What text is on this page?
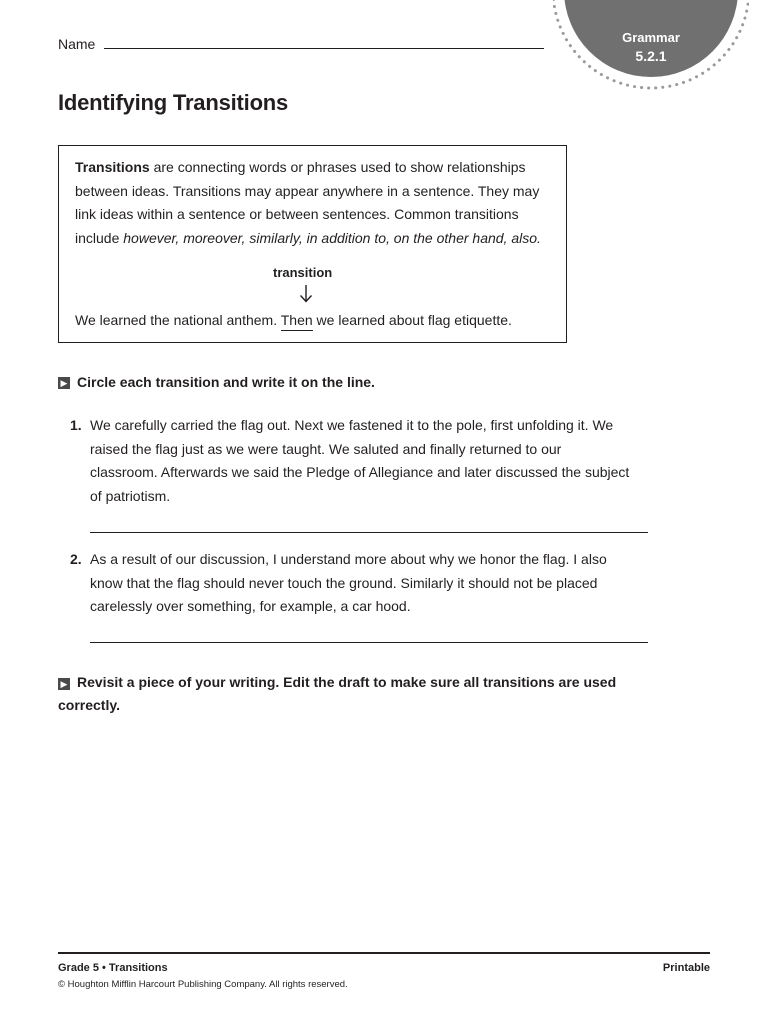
Name	Grammar
5.2.1
Identifying Transitions
Transitions are connecting words or phrases used to show relationships
between ideas. Transitions may appear anywhere in a sentence. They may
link ideas within a sentence or between sentences. Common transitions
include however, moreover, similarly, in addition to, on the other hand, also.
transition
We learned the national anthem. Then we learned about flag etiquette.
▶ Circle each transition and write it on the line.
1. We carefully carried the flag out. Next we fastened it to the pole, first unfolding it. We
raised the flag just as we were taught. We saluted and finally returned to our
classroom. Afterwards we said the Pledge of Allegiance and later discussed the subject
of patriotism.
2. As a result of our discussion, I understand more about why we honor the flag. I also
know that the flag should never touch the ground. Similarly it should not be placed
carelessly over something, for example, a car hood.
▶ Revisit a piece of your writing. Edit the draft to make sure all transitions are used
correctly.
Grade 5 • Transitions	Printable
© Houghton Mifflin Harcourt Publishing Company. All rights reserved.
